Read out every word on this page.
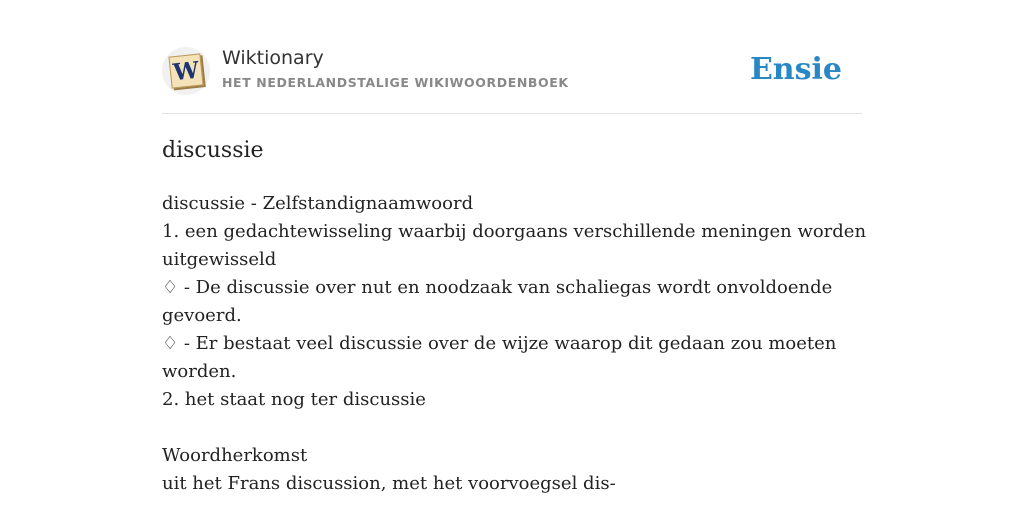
W Wiktionary
HET NEDERLANDSTALIGE WIKIWOORDENBOEK	Ensie
discussie
discussie - Zelfstandignaamwoord
1. een gedachtewisseling waarbij doorgaans verschillende meningen worden
uitgewisseld
♢ - De discussie over nut en noodzaak van schaliegas wordt onvoldoende
gevoerd.
♢ - Er bestaat veel discussie over de wijze waarop dit gedaan zou moeten
worden.
2. het staat nog ter discussie
Woordherkomst
uit het Frans discussion, met het voorvoegsel dis-
